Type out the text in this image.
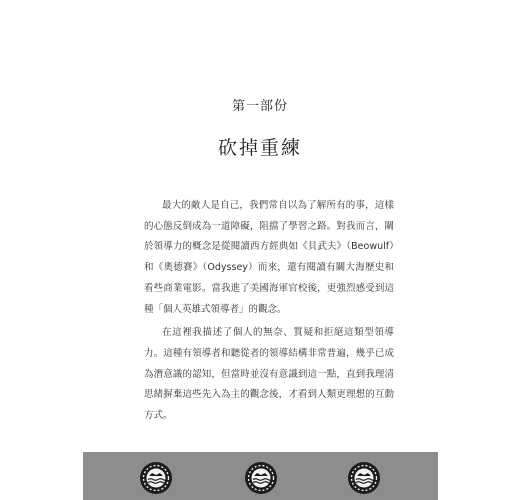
第一部份
砍掉重練

最大的敵人是自己，我們常自以為了解所有的事，這樣的心態反倒成為一道障礙，阻擋了學習之路。對我而言，關於領導力的概念是從閱讀西方經典如《貝武夫》（Beowulf）和《奧德賽》（Odyssey）而來，還有閱讀有關大海歷史和看些商業電影。當我進了美國海軍官校後，更強烈感受到這種「個人英雄式領導者」的觀念。

在這裡我描述了個人的無奈、質疑和拒絕這類型領導力。這種有領導者和聽從者的領導結構非常普遍，幾乎已成為潛意識的認知，但當時並沒有意識到這一點，直到我理清思緒摒棄這些先入為主的觀念後，才看到人類更理想的互動方式。
